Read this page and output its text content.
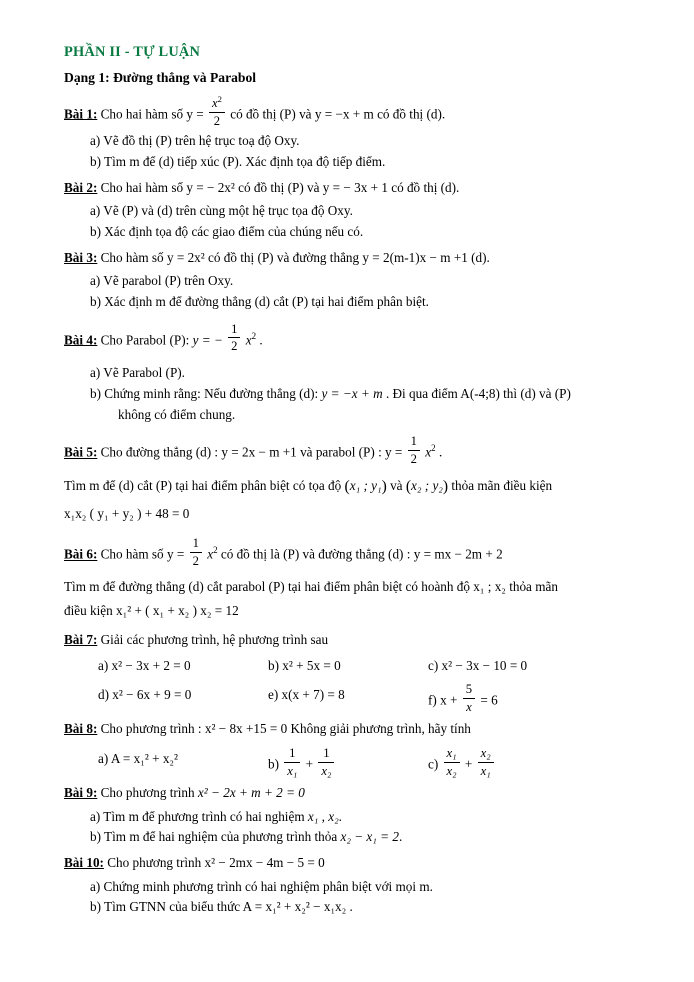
PHẦN II - TỰ LUẬN
Dạng 1: Đường thẳng và Parabol
Bài 1: Cho hai hàm số $y = \frac{x^2}{2}$ có đồ thị (P) và y = −x + m có đồ thị (d).
a) Vẽ đồ thị (P) trên hệ trục toạ độ Oxy.
b) Tìm m để (d) tiếp xúc (P). Xác định tọa độ tiếp điểm.
Bài 2: Cho hai hàm số y = − 2x² có đồ thị (P) và y = − 3x + 1 có đồ thị (d).
a) Vẽ (P) và (d) trên cùng một hệ trục tọa độ Oxy.
b) Xác định tọa độ các giao điểm của chúng nếu có.
Bài 3: Cho hàm số y = 2x² có đồ thị (P) và đường thẳng y = 2(m-1)x − m +1 (d).
a) Vẽ parabol (P) trên Oxy.
b) Xác định m để đường thẳng (d) cắt (P) tại hai điểm phân biệt.
Bài 4: Cho Parabol (P): y = − $\frac{1}{2} x^2$ .
a) Vẽ Parabol (P).
b) Chứng minh rằng: Nếu đường thẳng (d): y = −x + m . Đi qua điểm A(-4;8) thì (d) và (P)
không có điểm chung.
Bài 5: Cho đường thẳng (d) : y = 2x − m +1 và parabol (P) : $y = \frac{1}{2} x^2$ .
Tìm m để (d) cắt (P) tại hai điểm phân biệt có tọa độ (x₁ ; y₁) và (x₂ ; y₂) thỏa mãn điều kiện
x₁x₂ ( y₁ + y₂ ) + 48 = 0
Bài 6: Cho hàm số $y = \frac{1}{2} x^2$ có đồ thị là (P) và đường thẳng (d) : y = mx − 2m + 2
Tìm m để đường thẳng (d) cắt parabol (P) tại hai điểm phân biệt có hoành độ x₁ ; x₂ thỏa mãn
điều kiện x₁² + ( x₁ + x₂ ) x₂ = 12
Bài 7: Giải các phương trình, hệ phương trình sau
a) x² − 3x + 2 = 0	b) x² + 5x = 0	c) x² − 3x − 10 = 0
d) x² − 6x + 9 = 0	e) x(x + 7) = 8	f) $x + \frac{5}{x} = 6$
Bài 8: Cho phương trình : x² − 8x +15 = 0 Không giải phương trình, hãy tính
a) A = x₁² + x₂²	$b) \frac{1}{\text{x₁}} + \frac{1}{\text{x₂}}$	$c) \frac{\text{x₁}}{\text{x₂}} + \frac{\text{x₂}}{\text{x₁}}$
Bài 9: Cho phương trình x² − 2x + m + 2 = 0
a) Tìm m để phương trình có hai nghiệm x₁ , x₂.
b) Tìm m để hai nghiệm của phương trình thỏa x₂ − x₁ = 2.
Bài 10: Cho phương trình x² − 2mx − 4m − 5 = 0
a) Chứng minh phương trình có hai nghiệm phân biệt với mọi m.
b) Tìm GTNN của biểu thức A = x₁² + x₂² − x₁x₂ .
